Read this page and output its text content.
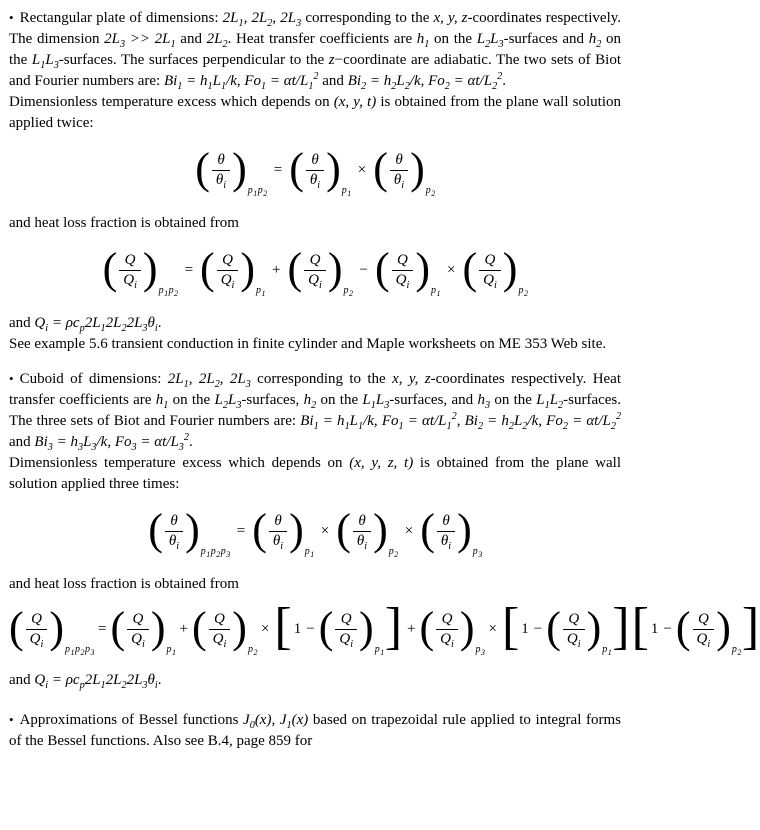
• Rectangular plate of dimensions: $2L_1$, $2L_2$, $2L_3$ corresponding to the x, y, z-coordinates respectively. The dimension $2L_3 >> 2L_1$ and $2L_2$. Heat transfer coefficients are $h_1$ on the $L_2L_3$-surfaces and $h_2$ on the $L_1L_3$-surfaces. The surfaces perpendicular to the z−coordinate are adiabatic. The two sets of Biot and Fourier numbers are: $Bi_1 = h_1L_1/k$, $Fo_1 = \alpha t/L_1^2$ and $Bi_2 = h_2L_2/k$, $Fo_2 = \alpha t/L_2^2$.

Dimensionless temperature excess which depends on (x, y, t) is obtained from the plane wall solution applied twice:

( $\frac{\theta}{\theta_i}$ ) $p_1p_2$
= ( $\frac{\theta}{\theta_i}$ ) $p_1$
× ( $\frac{\theta}{\theta_i}$ ) $p_2$

and heat loss fraction is obtained from

( $\frac{Q}{Q_i}$ ) $p_1p_2$
= ( $\frac{Q}{Q_i}$ ) $p_1$
+ ( $\frac{Q}{Q_i}$ ) $p_2$
− ( $\frac{Q}{Q_i}$ ) $p_1$
× ( $\frac{Q}{Q_i}$ ) $p_2$

and $Q_i = \rho c_p2L_12L_22L_3\theta_i$.

See example 5.6 transient conduction in finite cylinder and Maple worksheets on ME 353 Web site.

• Cuboid of dimensions: $2L_1$, $2L_2$, $2L_3$ corresponding to the x, y, z-coordinates respectively. Heat transfer coefficients are $h_1$ on the $L_2L_3$-surfaces, $h_2$ on the $L_1L_3$-surfaces, and $h_3$ on the $L_1L_2$-surfaces. The three sets of Biot and Fourier numbers are: $Bi_1 = h_1L_1/k$, $Fo_1 = \alpha t/L_1^2$, $Bi_2 = h_2L_2/k$, $Fo_2 = \alpha t/L_2^2$ and $Bi_3 = h_3L_3/k$, $Fo_3 = \alpha t/L_3^2$.

Dimensionless temperature excess which depends on (x, y, z, t) is obtained from the plane wall solution applied three times:

( $\frac{\theta}{\theta_i}$ ) $p_1p_2p_3$
= ( $\frac{\theta}{\theta_i}$ ) $p_1$
× ( $\frac{\theta}{\theta_i}$ ) $p_2$
× ( $\frac{\theta}{\theta_i}$ ) $p_3$

and heat loss fraction is obtained from

( $\frac{Q}{Q_i}$ ) $p_1p_2p_3$
= ( $\frac{Q}{Q_i}$ ) $p_1$
+ ( $\frac{Q}{Q_i}$ ) $p_2$
× [ 1 − ( $\frac{Q}{Q_i}$ ) $p_1$ ] + ( $\frac{Q}{Q_i}$ ) $p_3$
× [ 1 − ( $\frac{Q}{Q_i}$ ) $p_1$ ] [ 1 − ( $\frac{Q}{Q_i}$ ) $p_2$ ]

and $Q_i = \rho c_p2L_12L_22L_3\theta_i$.

• Approximations of Bessel functions $J_0(x)$, $J_1(x)$ based on trapezoidal rule applied to integral forms of the Bessel functions. Also see B.4, page 859 for
